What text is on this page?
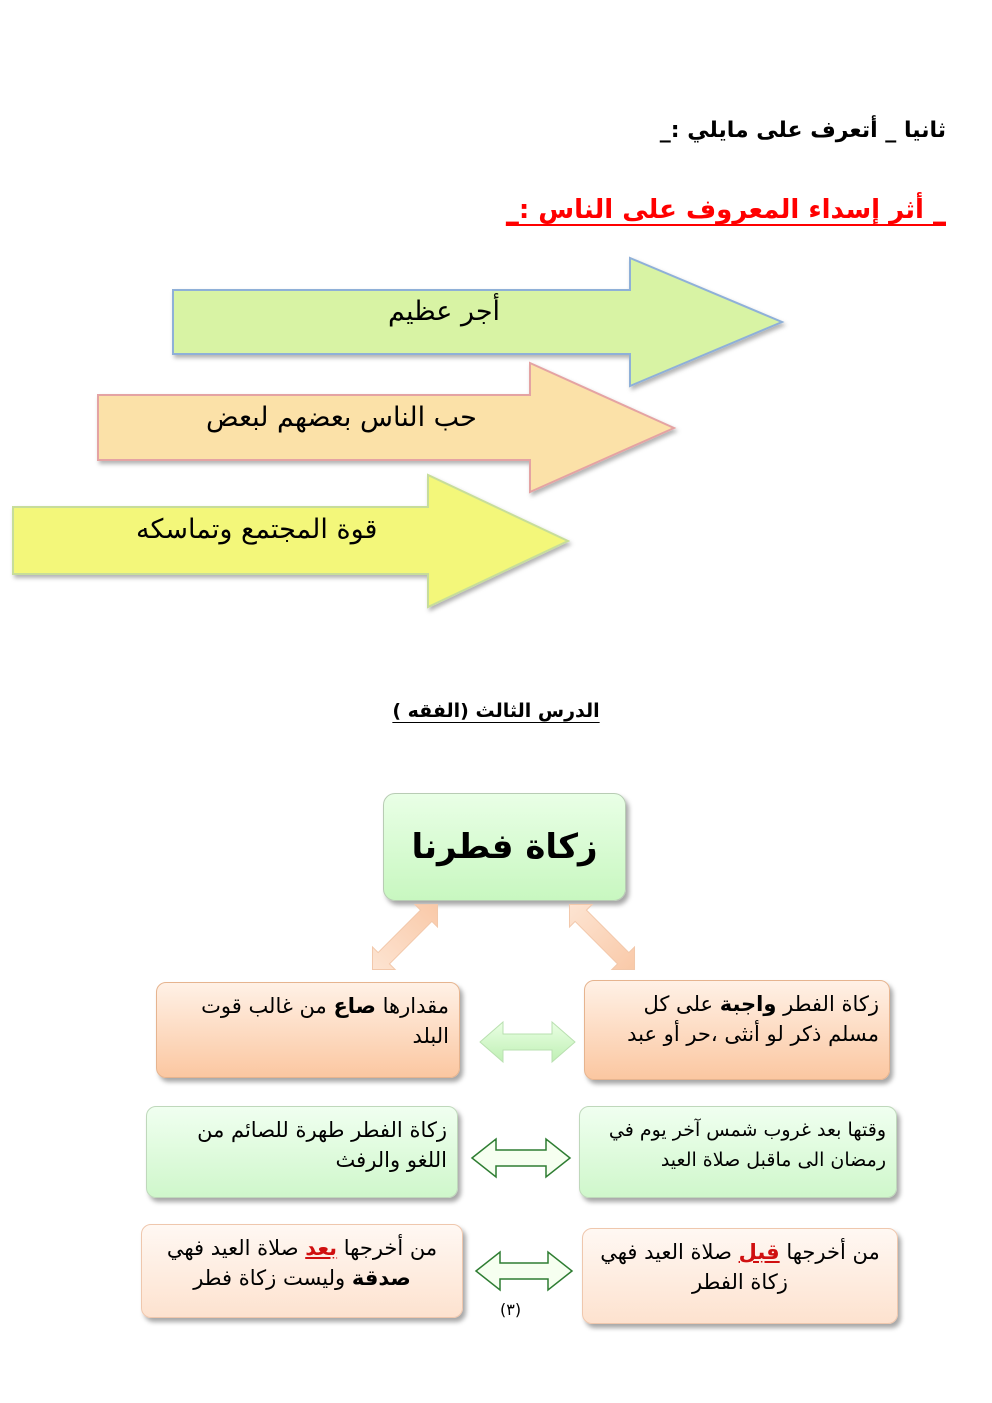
ثانيا _ أتعرف على مايلي :_
_ أثر إسداء المعروف على الناس :_
أجر عظيم
حب الناس بعضهم لبعض
قوة المجتمع وتماسكه
الدرس الثالث (الفقه )
زكاة فطرنا
زكاة الفطر واجبة على كل مسلم ذكر لو أنثى ،حر أو عبد
مقدارها صاع من غالب قوت البلد
وقتها بعد غروب شمس آخر يوم في رمضان الى ماقبل صلاة العيد
زكاة الفطر طهرة للصائم من اللغو والرفث
من أخرجها قبل صلاة العيد فهي زكاة الفطر
من أخرجها بعد صلاة العيد فهي صدقة وليست زكاة فطر
(٣)
